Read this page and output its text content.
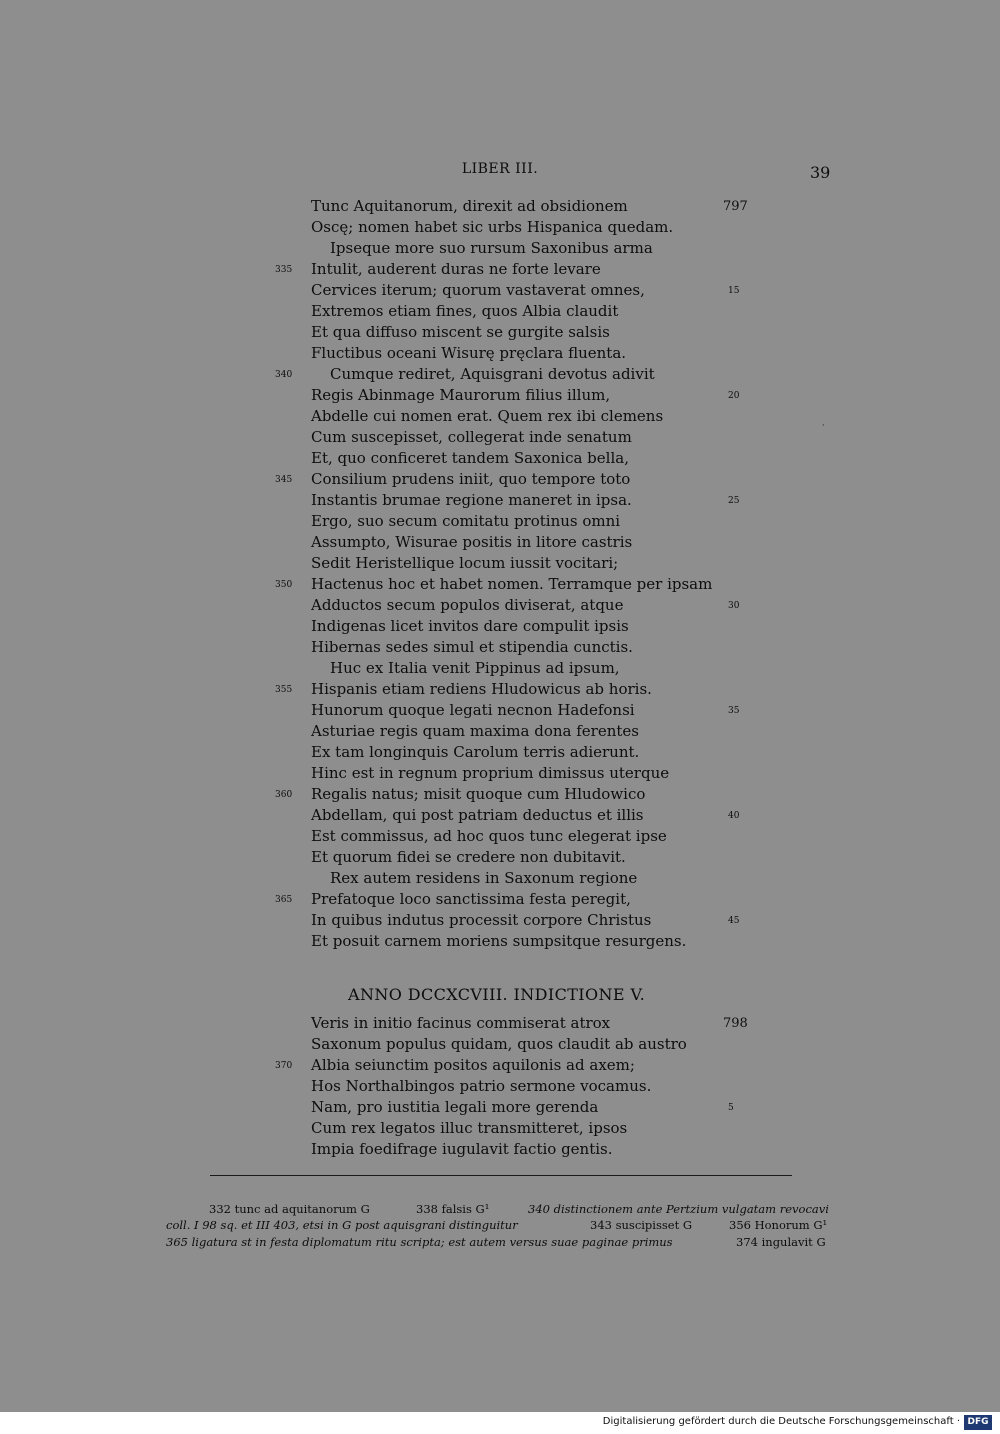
LIBER III.	39
Tunc Aquitanorum, direxit ad obsidionem	797
Oscę; nomen habet sic urbs Hispanica quedam.
Ipseque more suo rursum Saxonibus arma
Intulit, auderent duras ne forte levare
335
Cervices iterum; quorum vastaverat omnes,	15
Extremos etiam fines, quos Albia claudit
Et qua diffuso miscent se gurgite salsis
Fluctibus oceani Wisurę pręclara fluenta.
Cumque rediret, Aquisgrani devotus adivit
340
Regis Abinmage Maurorum filius illum,	20
Abdelle cui nomen erat. Quem rex ibi clemens
Cum suscepisset, collegerat inde senatum
Et, quo conficeret tandem Saxonica bella,
Consilium prudens iniit, quo tempore toto
345
Instantis brumae regione maneret in ipsa.	25
Ergo, suo secum comitatu protinus omni
Assumpto, Wisurae positis in litore castris
Sedit Heristellique locum iussit vocitari;
Hactenus hoc et habet nomen. Terramque per ipsam
350
Adductos secum populos diviserat, atque	30
Indigenas licet invitos dare compulit ipsis
Hibernas sedes simul et stipendia cunctis.
Huc ex Italia venit Pippinus ad ipsum,
Hispanis etiam rediens Hludowicus ab horis.
355
Hunorum quoque legati necnon Hadefonsi	35
Asturiae regis quam maxima dona ferentes
Ex tam longinquis Carolum terris adierunt.
Hinc est in regnum proprium dimissus uterque
Regalis natus; misit quoque cum Hludowico
360
Abdellam, qui post patriam deductus et illis	40
Est commissus, ad hoc quos tunc elegerat ipse
Et quorum fidei se credere non dubitavit.
Rex autem residens in Saxonum regione
Prefatoque loco sanctissima festa peregit,
365
In quibus indutus processit corpore Christus	45
Et posuit carnem moriens sumpsitque resurgens.
ANNO DCCXCVIII. INDICTIONE V.
Veris in initio facinus commiserat atrox	798
Saxonum populus quidam, quos claudit ab austro
Albia seiunctim positos aquilonis ad axem;
370
Hos Northalbingos patrio sermone vocamus.
Nam, pro iustitia legali more gerenda	5
Cum rex legatos illuc transmitteret, ipsos
Impia foedifrage iugulavit factio gentis.
·
332 tunc ad aquitanorum G	338 falsis G¹	340 distinctionem ante Pertzium vulgatam revocavi
coll. I 98 sq. et III 403, etsi in G post aquisgrani distinguitur	343 suscipisset G	356 Honorum G¹
365 ligatura st in festa diplomatum ritu scripta; est autem versus suae paginae primus	374 ingulavit G
Digitalisierung gefördert durch die Deutsche Forschungsgemeinschaft · DFG
